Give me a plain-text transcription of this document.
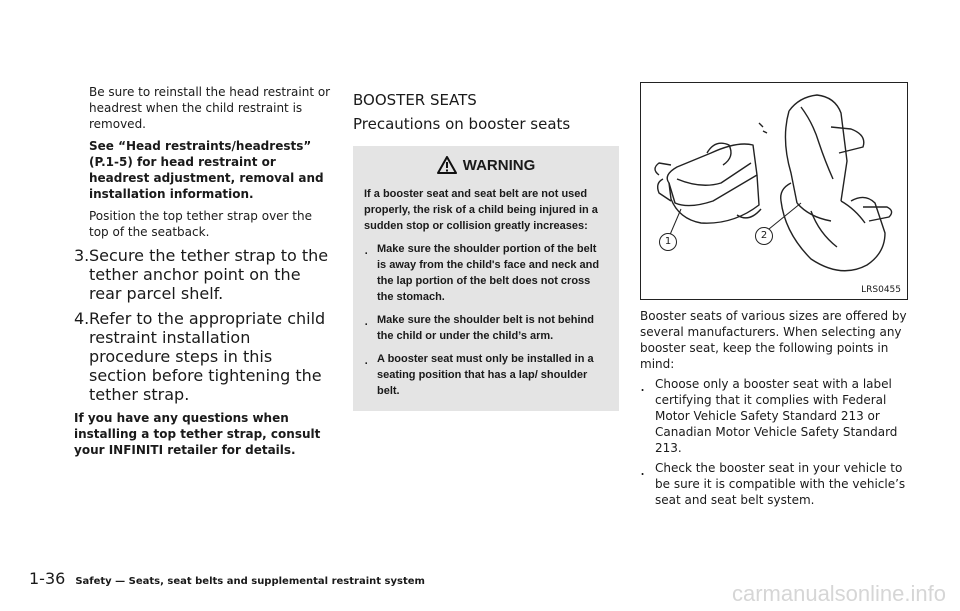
Be sure to reinstall the head restraint or headrest when the child restraint is removed.

See “Head restraints/headrests” (P.1-5) for head restraint or headrest adjustment, removal and installation information.

Position the top tether strap over the top of the seatback.

3. Secure the tether strap to the tether anchor point on the rear parcel shelf.
4. Refer to the appropriate child restraint installation procedure steps in this section before tightening the tether strap.

If you have any questions when installing a top tether strap, consult your INFINITI retailer for details.

BOOSTER SEATS
Precautions on booster seats
WARNING

If a booster seat and seat belt are not used properly, the risk of a child being injured in a sudden stop or collision greatly increases:

. Make sure the shoulder portion of the belt is away from the child's face and neck and the lap portion of the belt does not cross the stomach.

. Make sure the shoulder belt is not behind the child or under the child’s arm.

. A booster seat must only be installed in a seating position that has a lap/ shoulder belt.

1
2
LRS0455

Booster seats of various sizes are offered by several manufacturers. When selecting any booster seat, keep the following points in mind:

. Choose only a booster seat with a label certifying that it complies with Federal Motor Vehicle Safety Standard 213 or Canadian Motor Vehicle Safety Standard 213.

. Check the booster seat in your vehicle to be sure it is compatible with the vehicle’s seat and seat belt system.

1-36 Safety — Seats, seat belts and supplemental restraint system	carmanualsonline.info
